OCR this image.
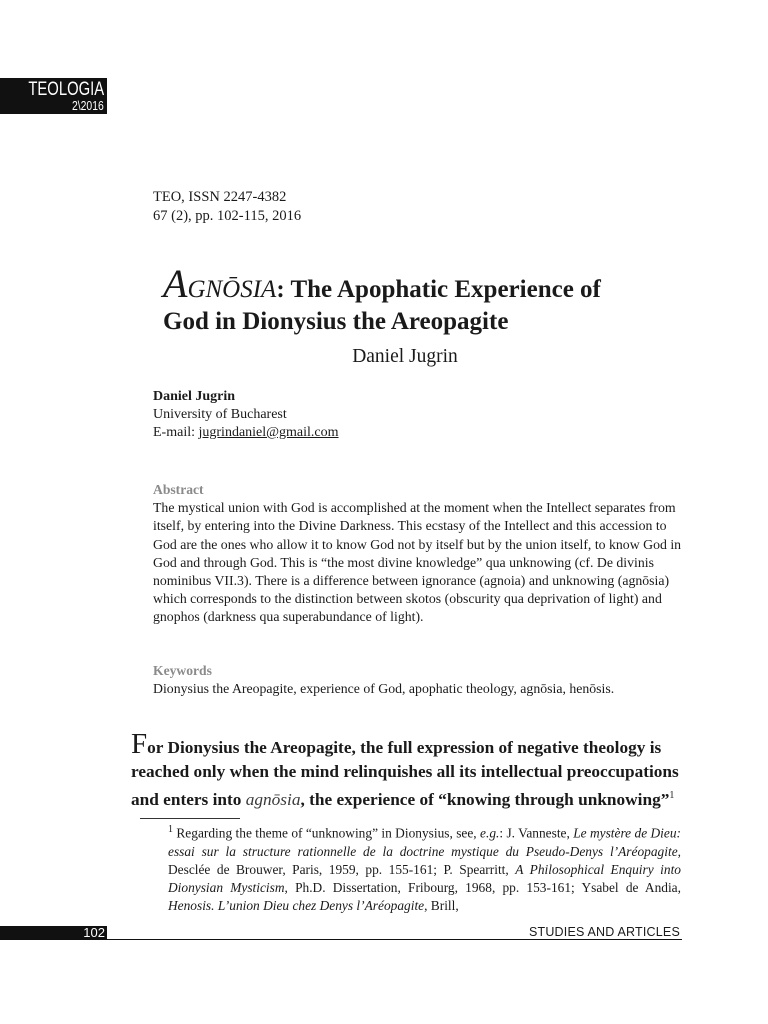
TEOLOGIA
2\2016
TEO, ISSN 2247-4382
67 (2), pp. 102-115, 2016
AGNŌSIA: The Apophatic Experience of
God in Dionysius the Areopagite
Daniel Jugrin
Daniel Jugrin
University of Bucharest
E-mail: jugrindaniel@gmail.com
Abstract
The mystical union with God is accomplished at the moment when the Intellect separates from itself, by entering into the Divine Darkness. This ecstasy of the Intellect and this accession to God are the ones who allow it to know God not by itself but by the union itself, to know God in God and through God. This is “the most divine knowledge” qua unknowing (cf. De divinis nominibus VII.3). There is a difference between ignorance (agnoia) and unknowing (agnōsia) which corresponds to the distinction between skotos (obscurity qua deprivation of light) and gnophos (darkness qua superabundance of light).
Keywords
Dionysius the Areopagite, experience of God, apophatic theology, agnōsia, henōsis.
For Dionysius the Areopagite, the full expression of negative theology is reached only when the mind relinquishes all its intellectual preoccupations and enters into agnōsia, the experience of “knowing through unknowing”$^1$
$^1$ Regarding the theme of “unknowing” in Dionysius, see, e.g.: J. Vanneste, Le mystère de Dieu: essai sur la structure rationnelle de la doctrine mystique du Pseudo-Denys l’Aréopagite, Desclée de Brouwer, Paris, 1959, pp. 155-161; P. Spearritt, A Philosophical Enquiry into Dionysian Mysticism, Ph.D. Dissertation, Fribourg, 1968, pp. 153-161; Ysabel de Andia, Henosis. L’union Dieu chez Denys l’Aréopagite, Brill,
102	STUDIES AND ARTICLES
